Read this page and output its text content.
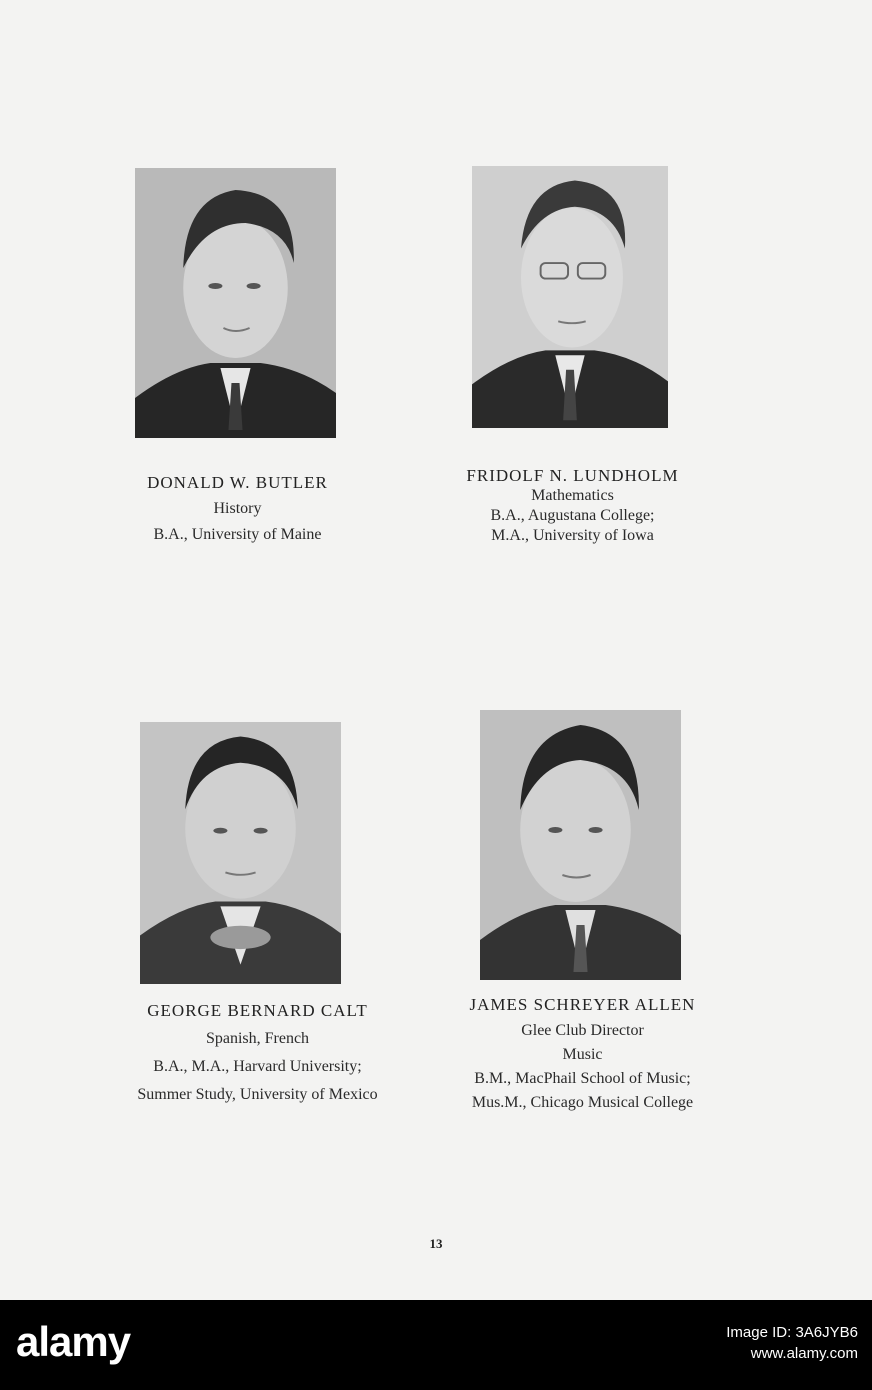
DONALD W. BUTLER
History
B.A., University of Maine
FRIDOLF N. LUNDHOLM
Mathematics
B.A., Augustana College;
M.A., University of Iowa
GEORGE BERNARD CALT
Spanish, French
B.A., M.A., Harvard University;
Summer Study, University of Mexico
JAMES SCHREYER ALLEN
Glee Club Director
Music
B.M., MacPhail School of Music;
Mus.M., Chicago Musical College
13
alamy	Image ID: 3A6JYB6
www.alamy.com
